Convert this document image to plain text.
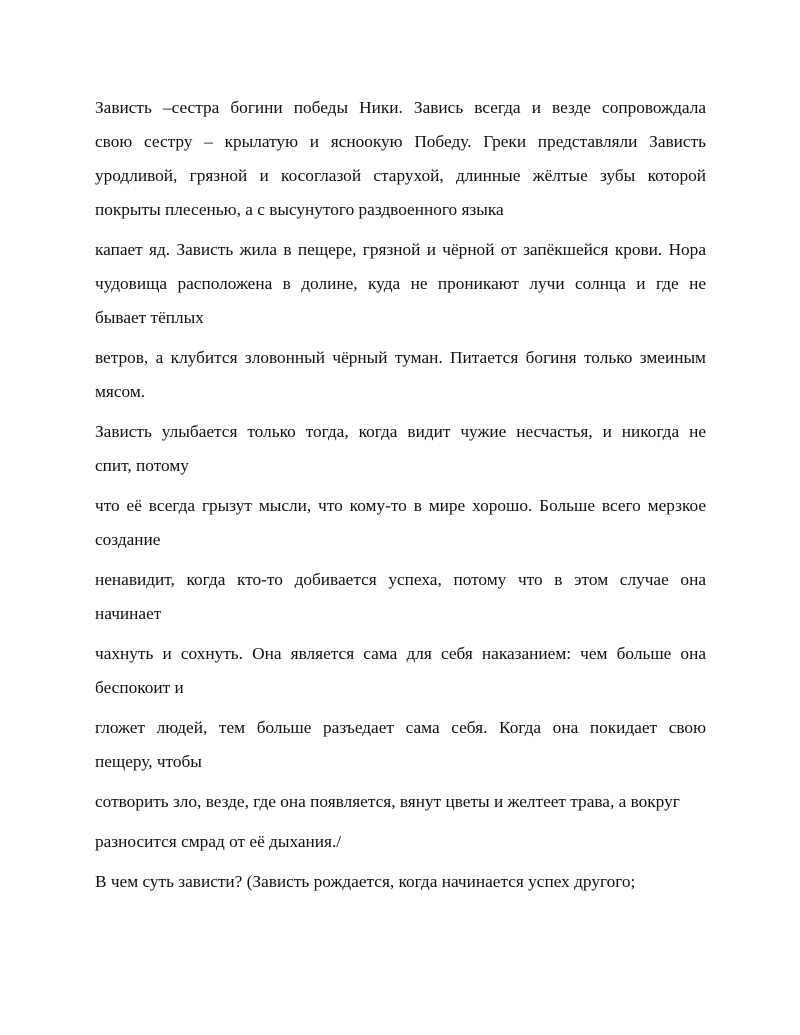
Зависть –сестра богини победы Ники. Завись всегда и везде сопровождала
свою сестру – крылатую и ясноокую Победу. Греки представляли Зависть
уродливой, грязной и косоглазой старухой, длинные жёлтые зубы которой
покрыты плесенью, а с высунутого раздвоенного языка
капает яд. Зависть жила в пещере, грязной и чёрной от запёкшейся крови. Нора
чудовища расположена в долине, куда не проникают лучи солнца и где не
бывает тёплых
ветров, а клубится зловонный чёрный туман. Питается богиня только змеиным
мясом.
Зависть улыбается только тогда, когда видит чужие несчастья, и никогда не
спит, потому
что её всегда грызут мысли, что кому-то в мире хорошо. Больше всего мерзкое
создание
ненавидит, когда кто-то добивается успеха, потому что в этом случае она
начинает
чахнуть и сохнуть. Она является сама для себя наказанием: чем больше она
беспокоит и
гложет людей, тем больше разъедает сама себя. Когда она покидает свою
пещеру, чтобы
сотворить зло, везде, где она появляется, вянут цветы и желтеет трава, а вокруг
разносится смрад от её дыхания./
В чем суть зависти? (Зависть рождается, когда начинается успех другого;
